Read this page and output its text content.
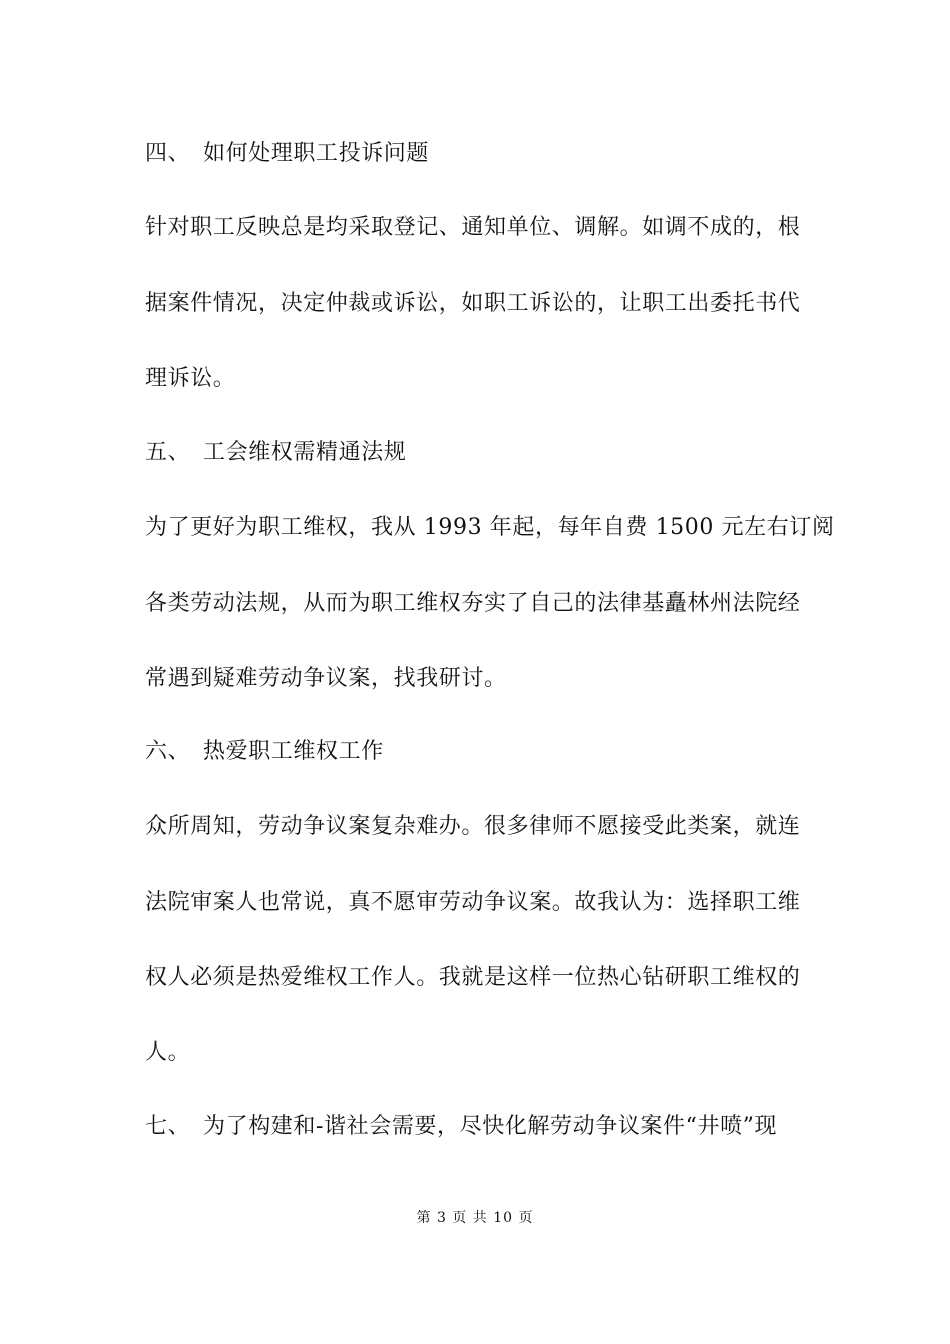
四、 如何处理职工投诉问题
针对职工反映总是均采取登记、通知单位、调解。如调不成的，根
据案件情况，决定仲裁或诉讼，如职工诉讼的，让职工出委托书代
理诉讼。
五、 工会维权需精通法规
为了更好为职工维权，我从 1993 年起，每年自费 1500 元左右订阅
各类劳动法规，从而为职工维权夯实了自己的法律基矗林州法院经
常遇到疑难劳动争议案，找我研讨。
六、 热爱职工维权工作
众所周知，劳动争议案复杂难办。很多律师不愿接受此类案，就连
法院审案人也常说，真不愿审劳动争议案。故我认为：选择职工维
权人必须是热爱维权工作人。我就是这样一位热心钻研职工维权的
人。
七、 为了构建和-谐社会需要，尽快化解劳动争议案件“井喷”现
第 3 页 共 10 页
